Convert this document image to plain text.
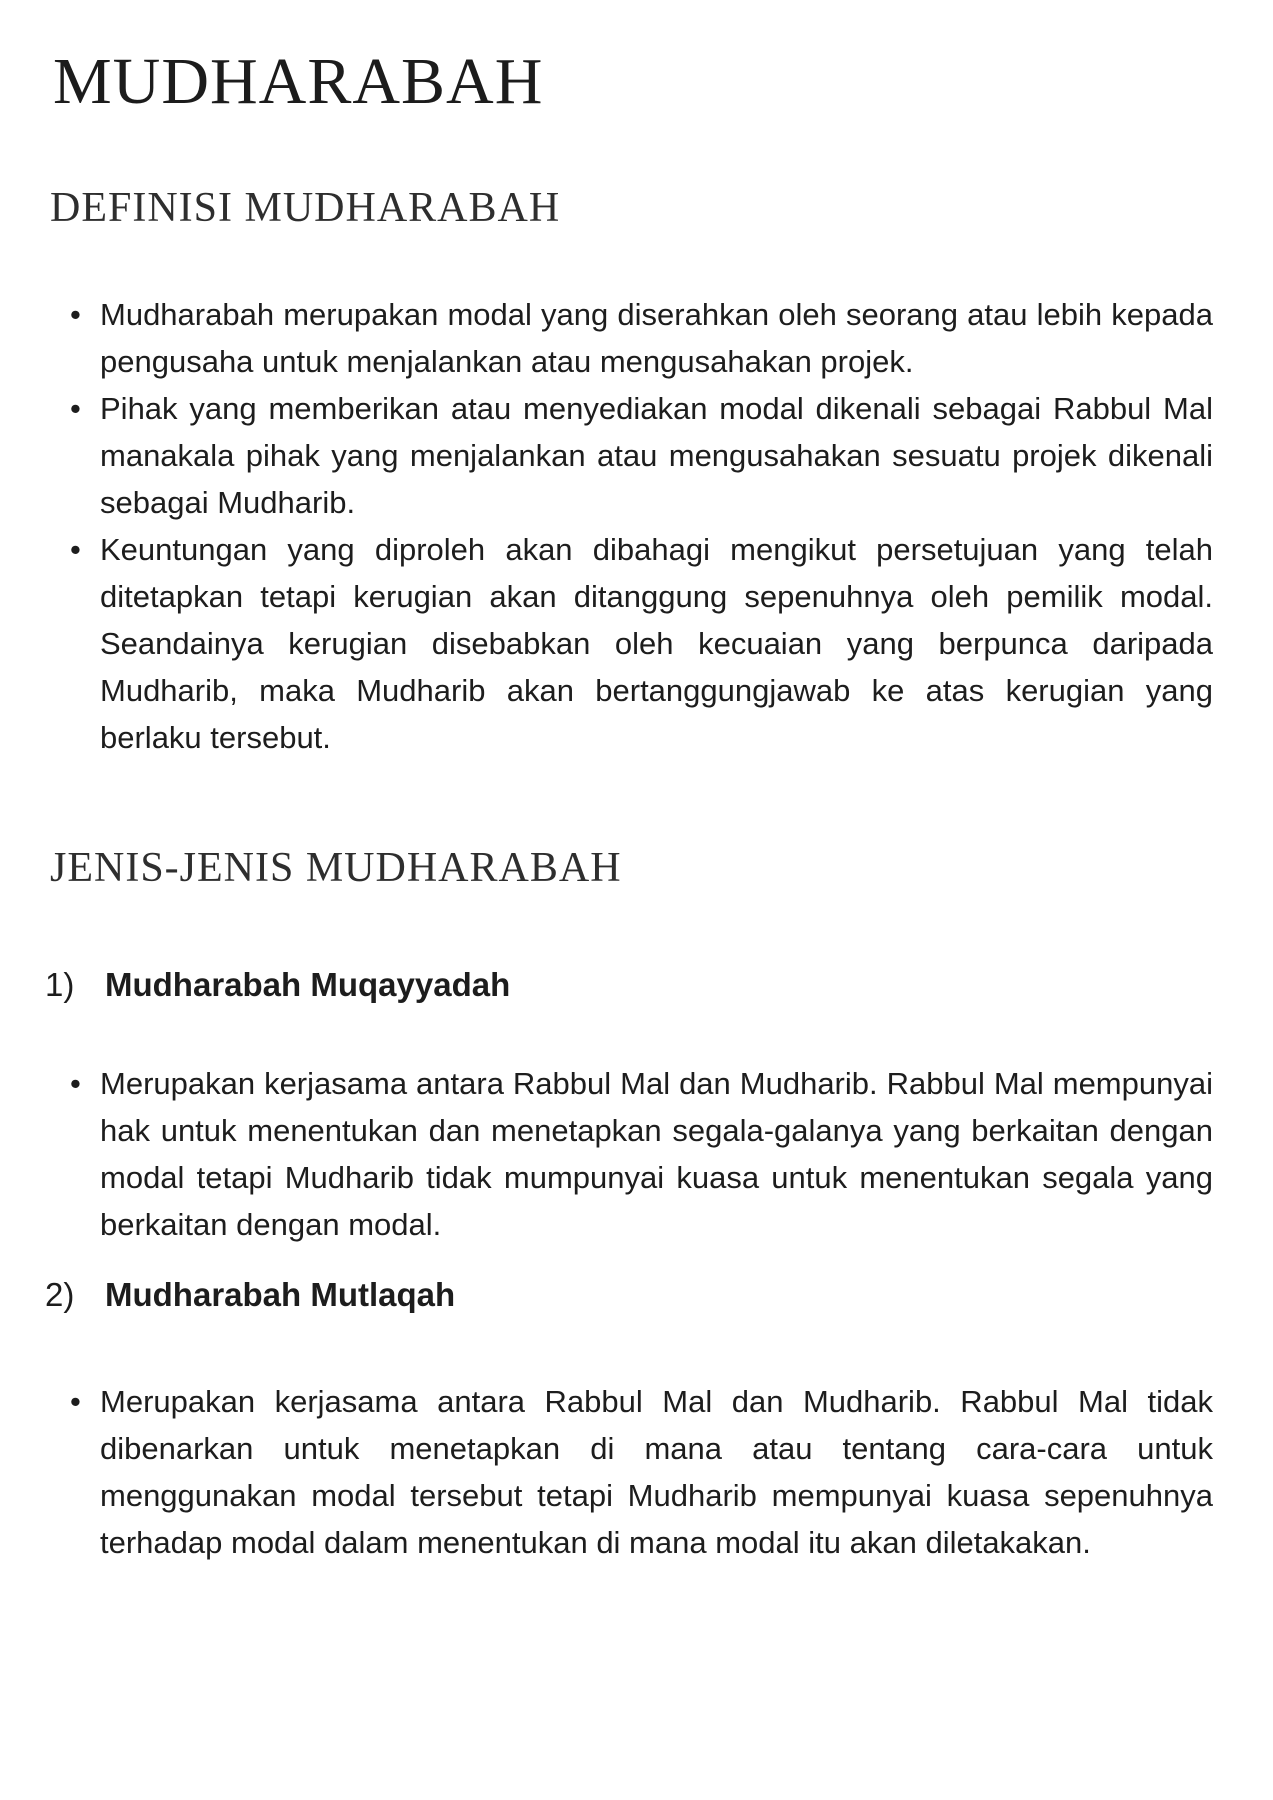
MUDHARABAH
DEFINISI MUDHARABAH
• Mudharabah merupakan modal yang diserahkan oleh seorang atau lebih kepada pengusaha untuk menjalankan atau mengusahakan projek.
• Pihak yang memberikan atau menyediakan modal dikenali sebagai Rabbul Mal manakala pihak yang menjalankan atau mengusahakan sesuatu projek dikenali sebagai Mudharib.
• Keuntungan yang diproleh akan dibahagi mengikut persetujuan yang telah ditetapkan tetapi kerugian akan ditanggung sepenuhnya oleh pemilik modal. Seandainya kerugian disebabkan oleh kecuaian yang berpunca daripada Mudharib, maka Mudharib akan bertanggungjawab ke atas kerugian yang berlaku tersebut.
JENIS-JENIS MUDHARABAH
1) Mudharabah Muqayyadah
• Merupakan kerjasama antara Rabbul Mal dan Mudharib. Rabbul Mal mempunyai hak untuk menentukan dan menetapkan segala-galanya yang berkaitan dengan modal tetapi Mudharib tidak mumpunyai kuasa untuk menentukan segala yang berkaitan dengan modal.
2) Mudharabah Mutlaqah
• Merupakan kerjasama antara Rabbul Mal dan Mudharib. Rabbul Mal tidak dibenarkan untuk menetapkan di mana atau tentang cara-cara untuk menggunakan modal tersebut tetapi Mudharib mempunyai kuasa sepenuhnya terhadap modal dalam menentukan di mana modal itu akan diletakakan.
